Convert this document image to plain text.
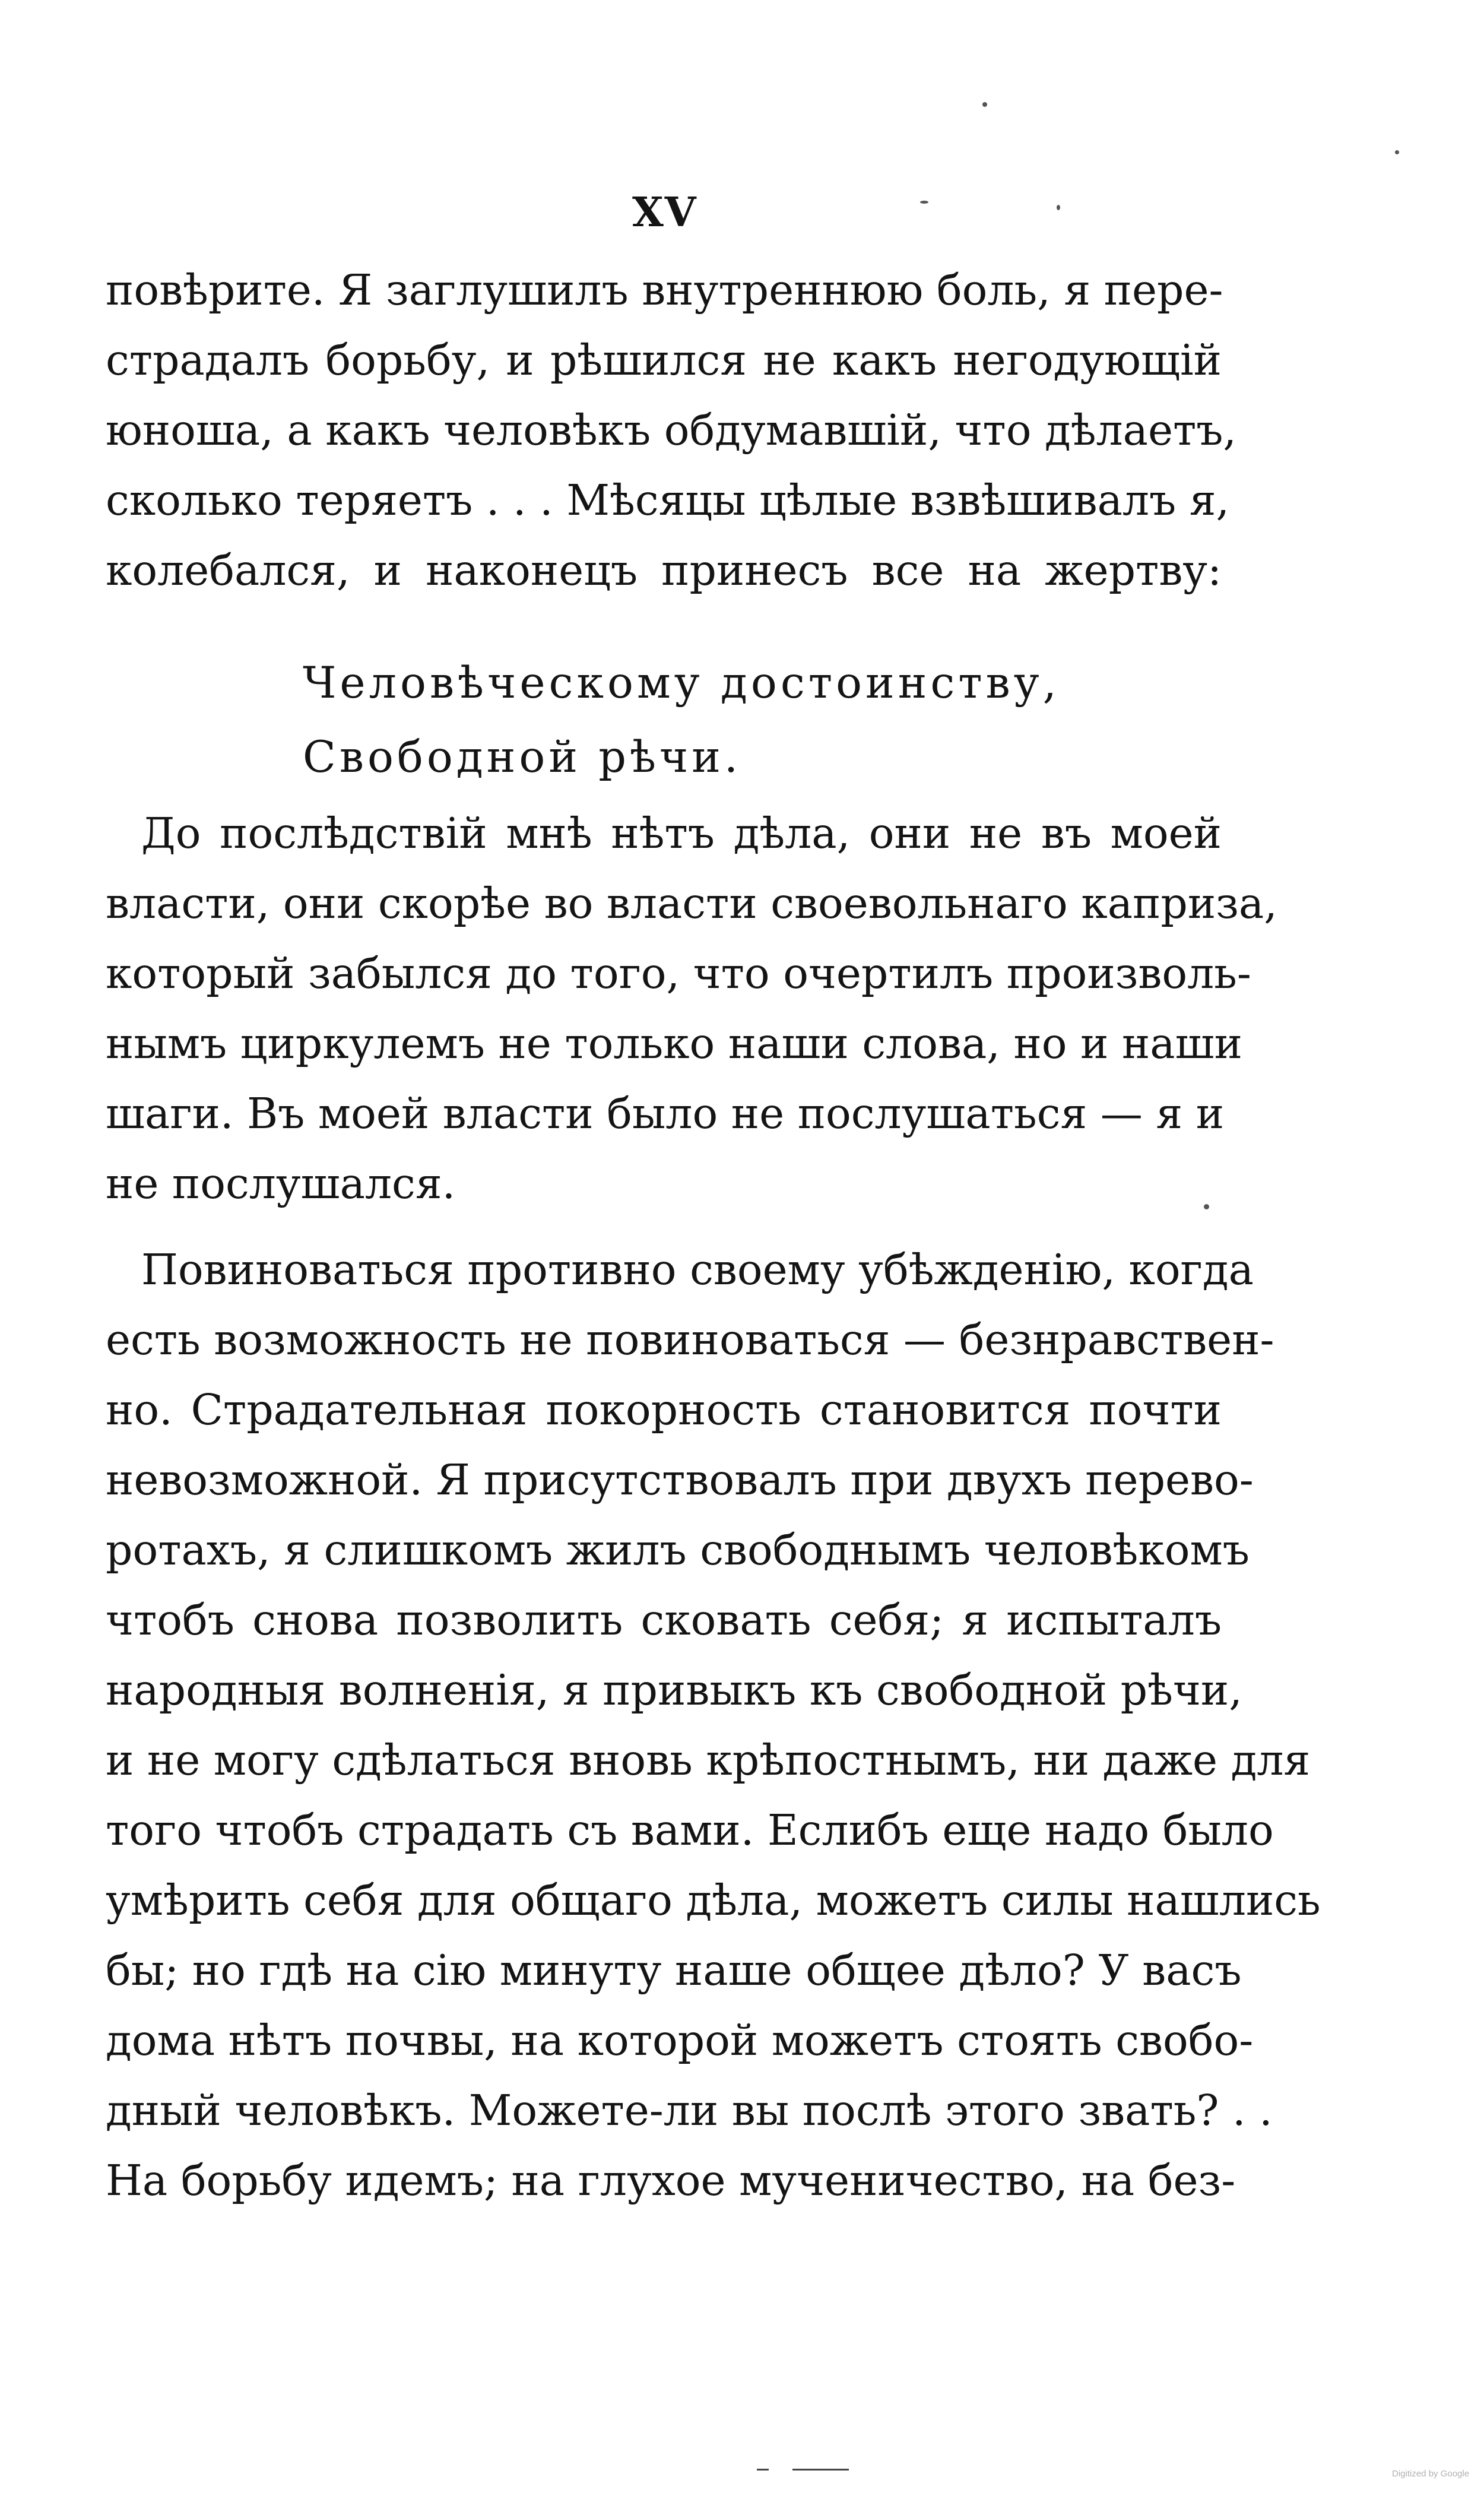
XV
повѣрите. Я заглушилъ внутреннюю боль, я пере-
страдалъ борьбу, и рѣшился не какъ негодующій
юноша, а какъ человѣкъ обдумавшій, что дѣлаетъ,
сколько теряетъ . . . Мѣсяцы цѣлые взвѣшивалъ я,
колебался, и наконецъ принесъ все на жертву:
Человѣческому достоинству,
Свободной рѣчи.
До послѣдствій мнѣ нѣтъ дѣла, они не въ моей
власти, они скорѣе во власти своевольнаго каприза,
который забылся до того, что очертилъ произволь-
нымъ циркулемъ не только наши слова, но и наши
шаги. Въ моей власти было не послушаться — я и
не послушался.
Повиноваться противно своему убѣжденію, когда
есть возможность не повиноваться — безнравствен-
но. Страдательная покорность становится почти
невозможной. Я присутствовалъ при двухъ перево-
ротахъ, я слишкомъ жилъ свободнымъ человѣкомъ
чтобъ снова позволить сковать себя; я испыталъ
народныя волненія, я привыкъ къ свободной рѣчи,
и не могу сдѣлаться вновь крѣпостнымъ, ни даже для
того чтобъ страдать съ вами. Еслибъ еще надо было
умѣрить себя для общаго дѣла, можетъ силы нашлись
бы; но гдѣ на сію минуту наше общее дѣло? У васъ
дома нѣтъ почвы, на которой можетъ стоять свобо-
дный человѣкъ. Можете-ли вы послѣ этого звать? . .
На борьбу идемъ; на глухое мученичество, на без-
Digitized by Google
